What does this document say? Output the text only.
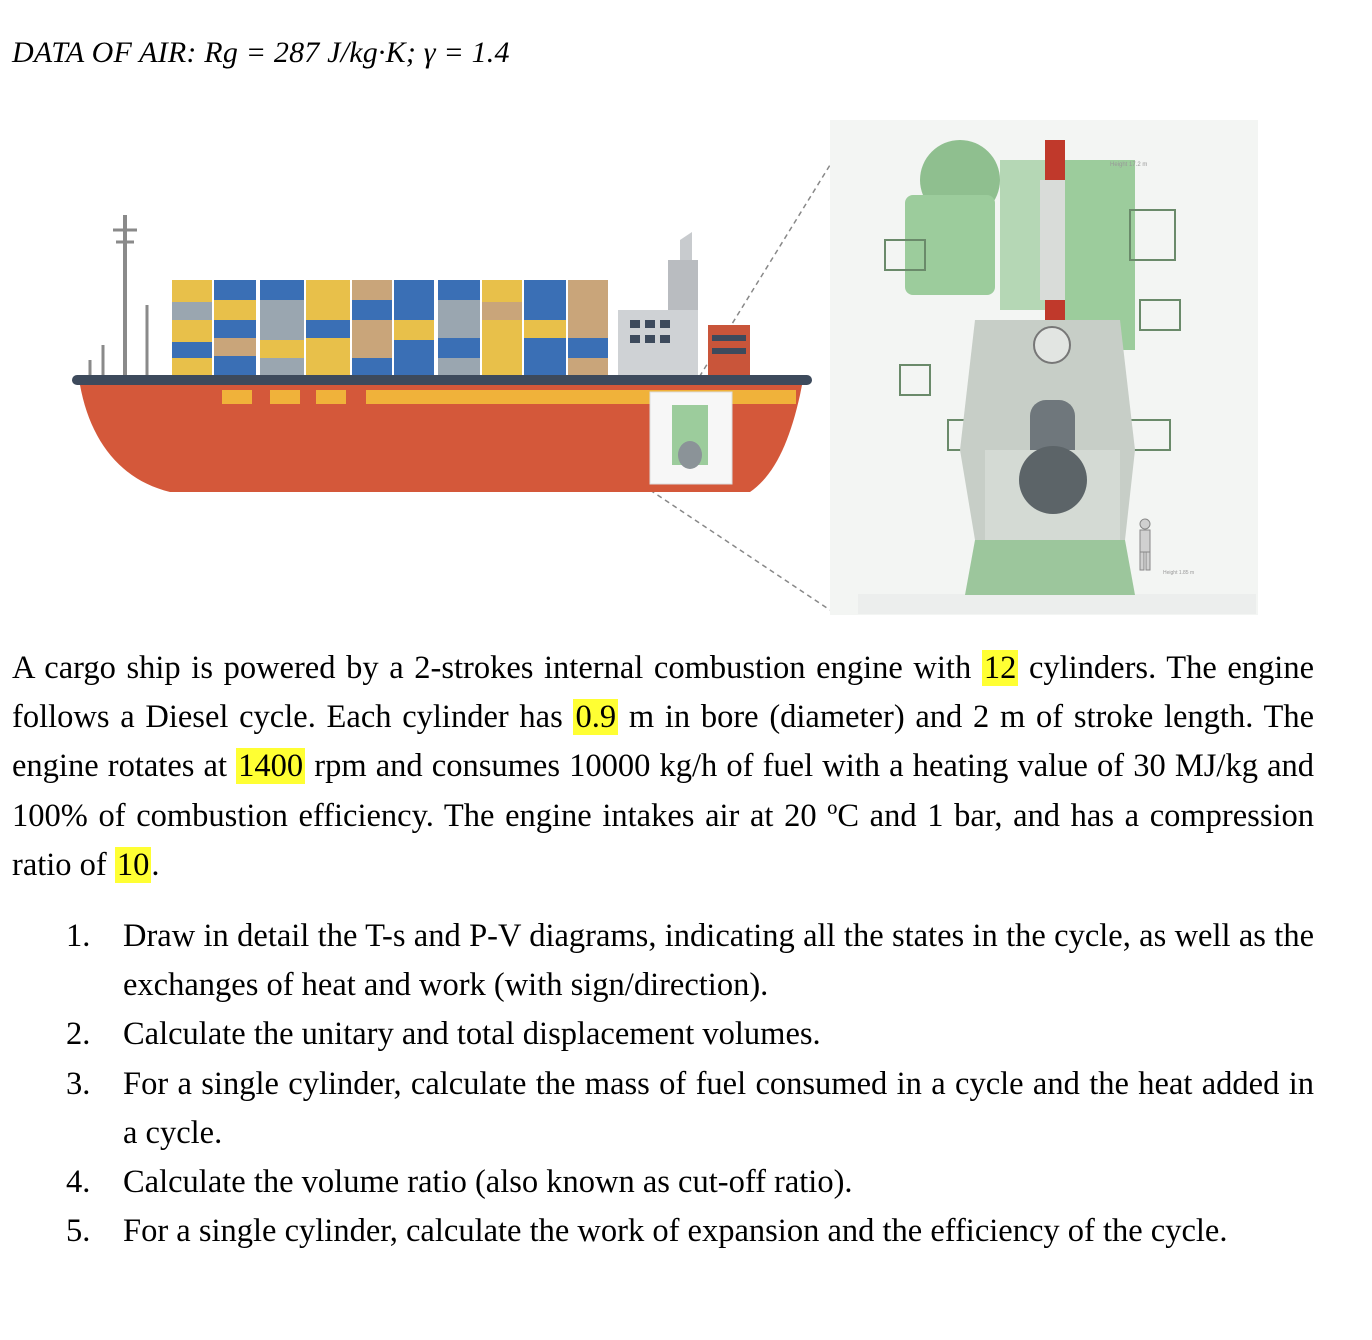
DATA OF AIR: Rg = 287 J/kg·K; γ = 1.4
Height 17.2 m
Height 1.85 m

A cargo ship is powered by a 2-strokes internal combustion engine with 12 cylinders. The engine follows a Diesel cycle. Each cylinder has 0.9 m in bore (diameter) and 2 m of stroke length. The engine rotates at 1400 rpm and consumes 10000 kg/h of fuel with a heating value of 30 MJ/kg and 100% of combustion efficiency. The engine intakes air at 20 ºC and 1 bar, and has a compression ratio of 10.

1. Draw in detail the T-s and P-V diagrams, indicating all the states in the cycle, as well as the exchanges of heat and work (with sign/direction).
2. Calculate the unitary and total displacement volumes.
3. For a single cylinder, calculate the mass of fuel consumed in a cycle and the heat added in a cycle.
4. Calculate the volume ratio (also known as cut-off ratio).
5. For a single cylinder, calculate the work of expansion and the efficiency of the cycle.
